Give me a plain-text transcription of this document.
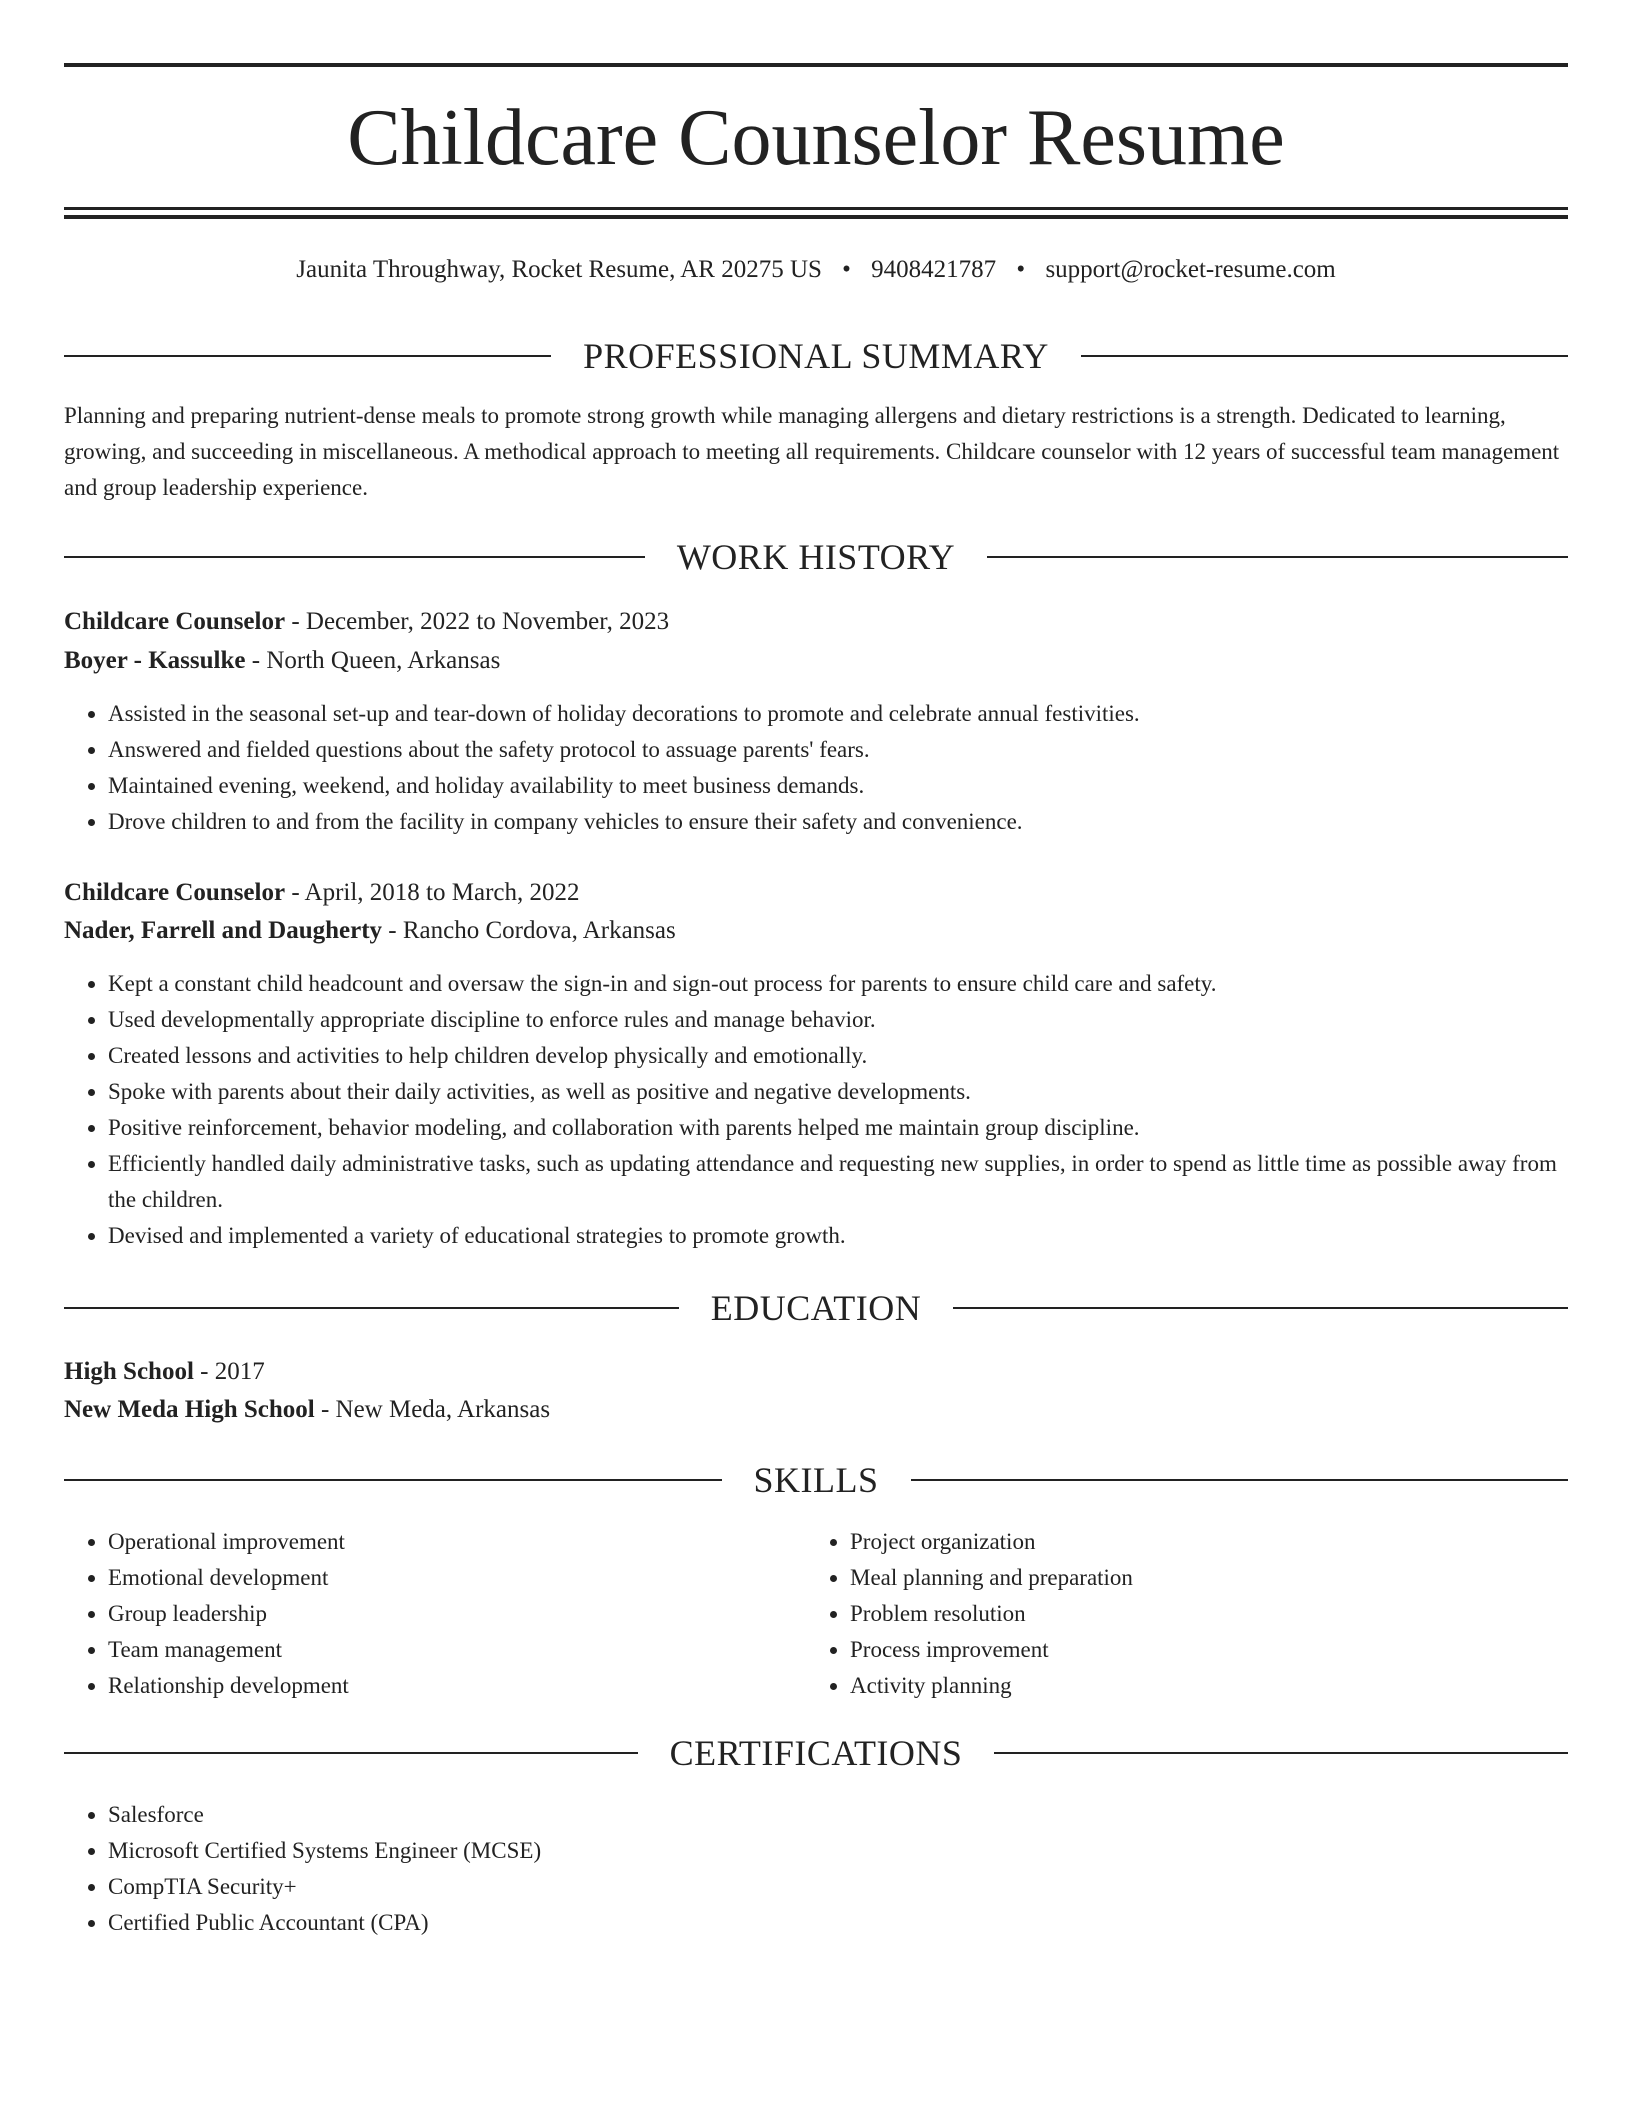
Childcare Counselor Resume
Jaunita Throughway, Rocket Resume, AR 20275 US • 9408421787 • support@rocket-resume.com
PROFESSIONAL SUMMARY

Planning and preparing nutrient-dense meals to promote strong growth while managing allergens and dietary restrictions is a strength. Dedicated to learning, growing, and succeeding in miscellaneous. A methodical approach to meeting all requirements. Childcare counselor with 12 years of successful team management and group leadership experience.

WORK HISTORY
Childcare Counselor - December, 2022 to November, 2023
Boyer - Kassulke - North Queen, Arkansas
• Assisted in the seasonal set-up and tear-down of holiday decorations to promote and celebrate annual festivities.
• Answered and fielded questions about the safety protocol to assuage parents' fears.
• Maintained evening, weekend, and holiday availability to meet business demands.
• Drove children to and from the facility in company vehicles to ensure their safety and convenience.
Childcare Counselor - April, 2018 to March, 2022
Nader, Farrell and Daugherty - Rancho Cordova, Arkansas
• Kept a constant child headcount and oversaw the sign-in and sign-out process for parents to ensure child care and safety.
• Used developmentally appropriate discipline to enforce rules and manage behavior.
• Created lessons and activities to help children develop physically and emotionally.
• Spoke with parents about their daily activities, as well as positive and negative developments.
• Positive reinforcement, behavior modeling, and collaboration with parents helped me maintain group discipline.
• Efficiently handled daily administrative tasks, such as updating attendance and requesting new supplies, in order to spend as little time as possible away from the children.
• Devised and implemented a variety of educational strategies to promote growth.
EDUCATION
High School - 2017
New Meda High School - New Meda, Arkansas
SKILLS
• Operational improvement
• Emotional development
• Group leadership
• Team management
• Relationship development
• Project organization
• Meal planning and preparation
• Problem resolution
• Process improvement
• Activity planning
CERTIFICATIONS
• Salesforce
• Microsoft Certified Systems Engineer (MCSE)
• CompTIA Security+
• Certified Public Accountant (CPA)
